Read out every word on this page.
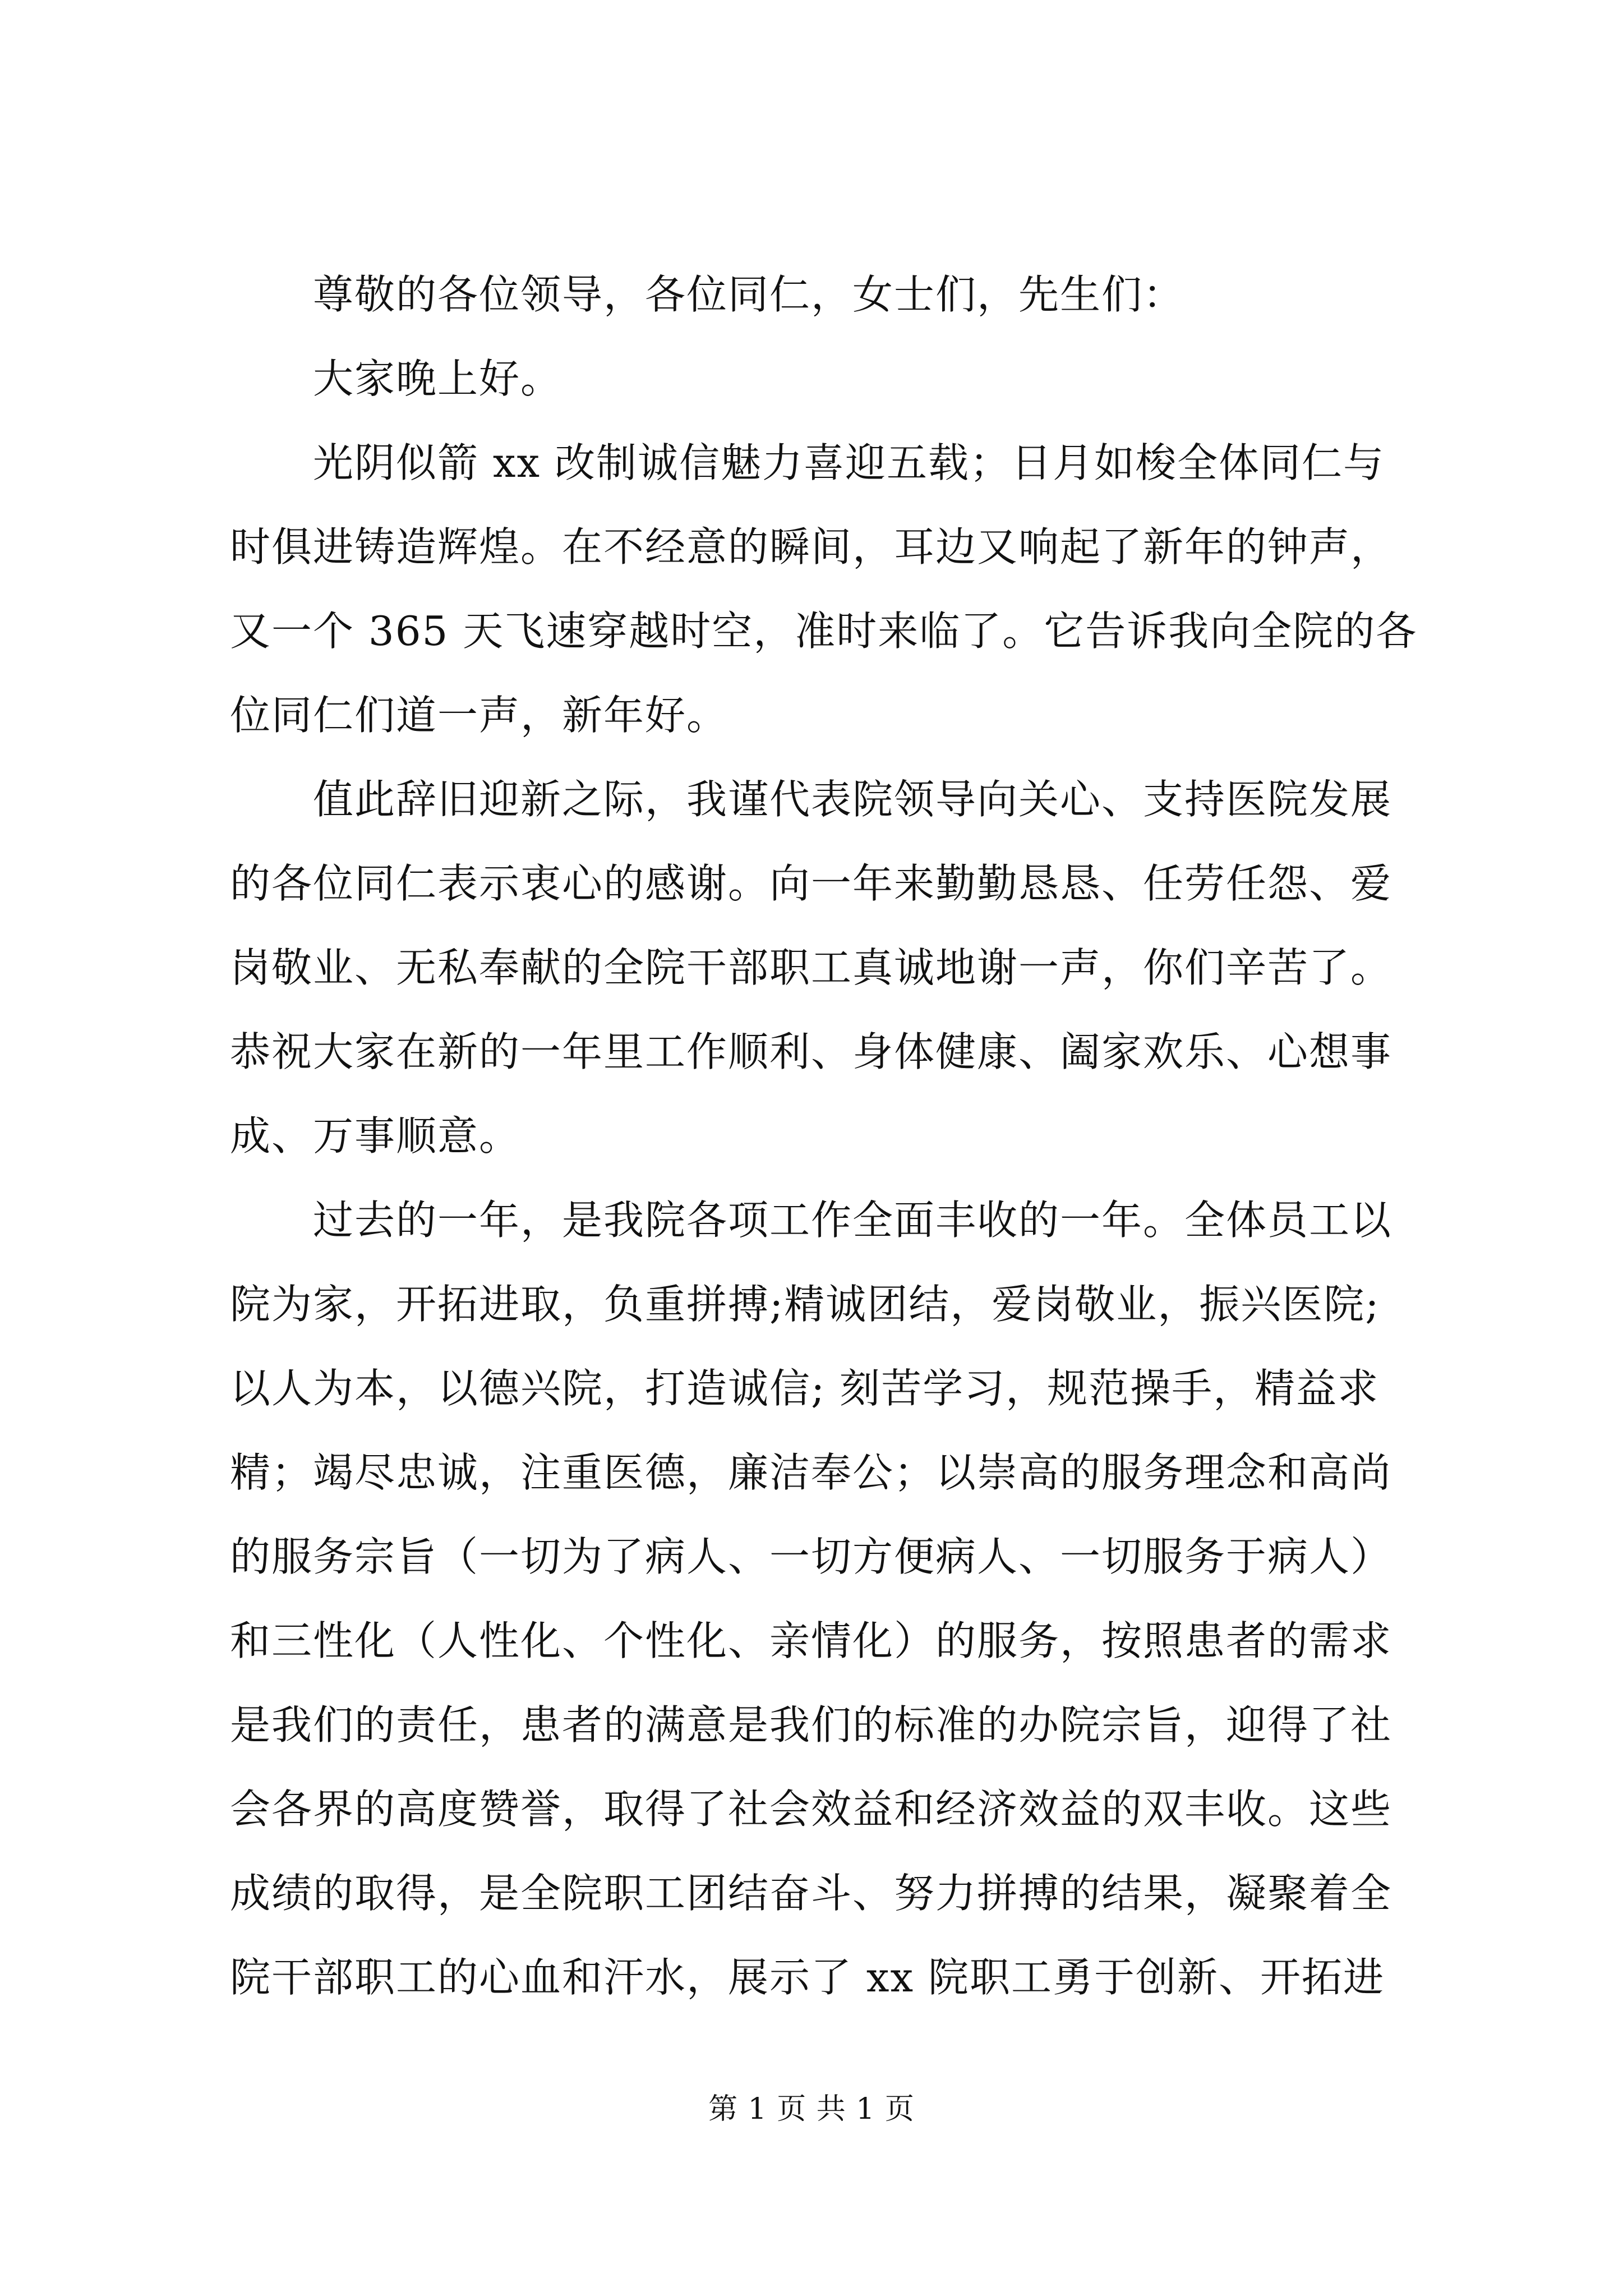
　　尊敬的各位领导，各位同仁，女士们，先生们：
　　大家晚上好。
　　光阴似箭 xx 改制诚信魅力喜迎五载；日月如梭全体同仁与
时俱进铸造辉煌。在不经意的瞬间，耳边又响起了新年的钟声，
又一个 365 天飞速穿越时空，准时来临了。它告诉我向全院的各
位同仁们道一声，新年好。
　　值此辞旧迎新之际，我谨代表院领导向关心、支持医院发展
的各位同仁表示衷心的感谢。向一年来勤勤恳恳、任劳任怨、爱
岗敬业、无私奉献的全院干部职工真诚地谢一声，你们辛苦了。
恭祝大家在新的一年里工作顺利、身体健康、阖家欢乐、心想事
成、万事顺意。
　　过去的一年，是我院各项工作全面丰收的一年。全体员工以
院为家，开拓进取，负重拼搏;精诚团结，爱岗敬业，振兴医院;
以人为本，以德兴院，打造诚信; 刻苦学习，规范操手，精益求
精；竭尽忠诚，注重医德，廉洁奉公；以崇高的服务理念和高尚
的服务宗旨（一切为了病人、一切方便病人、一切服务于病人）
和三性化（人性化、个性化、亲情化）的服务，按照患者的需求
是我们的责任，患者的满意是我们的标准的办院宗旨，迎得了社
会各界的高度赞誉，取得了社会效益和经济效益的双丰收。这些
成绩的取得，是全院职工团结奋斗、努力拼搏的结果，凝聚着全
院干部职工的心血和汗水，展示了 xx 院职工勇于创新、开拓进
第 1 页 共 1 页
